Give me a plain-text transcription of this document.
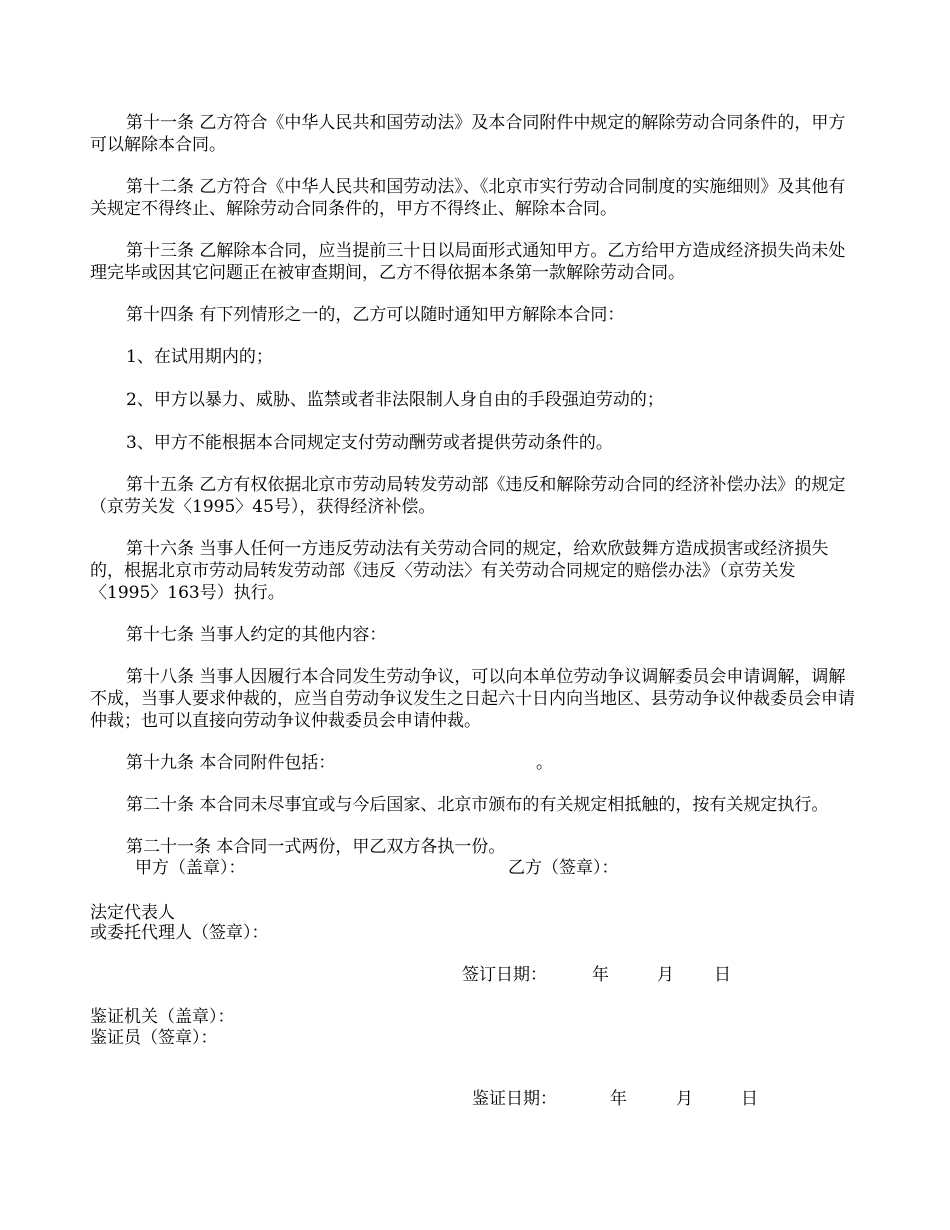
第十一条 乙方符合《中华人民共和国劳动法》及本合同附件中规定的解除劳动合同条件的，甲方可以解除本合同。

第十二条 乙方符合《中华人民共和国劳动法》、《北京市实行劳动合同制度的实施细则》及其他有关规定不得终止、解除劳动合同条件的，甲方不得终止、解除本合同。

第十三条 乙解除本合同，应当提前三十日以局面形式通知甲方。乙方给甲方造成经济损失尚未处理完毕或因其它问题正在被审查期间，乙方不得依据本条第一款解除劳动合同。

第十四条 有下列情形之一的，乙方可以随时通知甲方解除本合同：

1、在试用期内的；

2、甲方以暴力、威胁、监禁或者非法限制人身自由的手段强迫劳动的；

3、甲方不能根据本合同规定支付劳动酬劳或者提供劳动条件的。

第十五条 乙方有权依据北京市劳动局转发劳动部《违反和解除劳动合同的经济补偿办法》的规定（京劳关发〈1995〉45号），获得经济补偿。

第十六条 当事人任何一方违反劳动法有关劳动合同的规定，给欢欣鼓舞方造成损害或经济损失的，根据北京市劳动局转发劳动部《违反〈劳动法〉有关劳动合同规定的赔偿办法》（京劳关发〈1995〉163号）执行。

第十七条 当事人约定的其他内容：

第十八条 当事人因履行本合同发生劳动争议，可以向本单位劳动争议调解委员会申请调解，调解不成，当事人要求仲裁的，应当自劳动争议发生之日起六十日内向当地区、县劳动争议仲裁委员会申请仲裁；也可以直接向劳动争议仲裁委员会申请仲裁。

第十九条 本合同附件包括：	。

第二十条 本合同未尽事宜或与今后国家、北京市颁布的有关规定相抵触的，按有关规定执行。

第二十一条 本合同一式两份，甲乙双方各执一份。

甲方（盖章）：	乙方（签章）：

法定代表人

或委托代理人（签章）：

签订日期：	年	月 日

鉴证机关（盖章）：

鉴证员（签章）：

鉴证日期：	年	月	日
